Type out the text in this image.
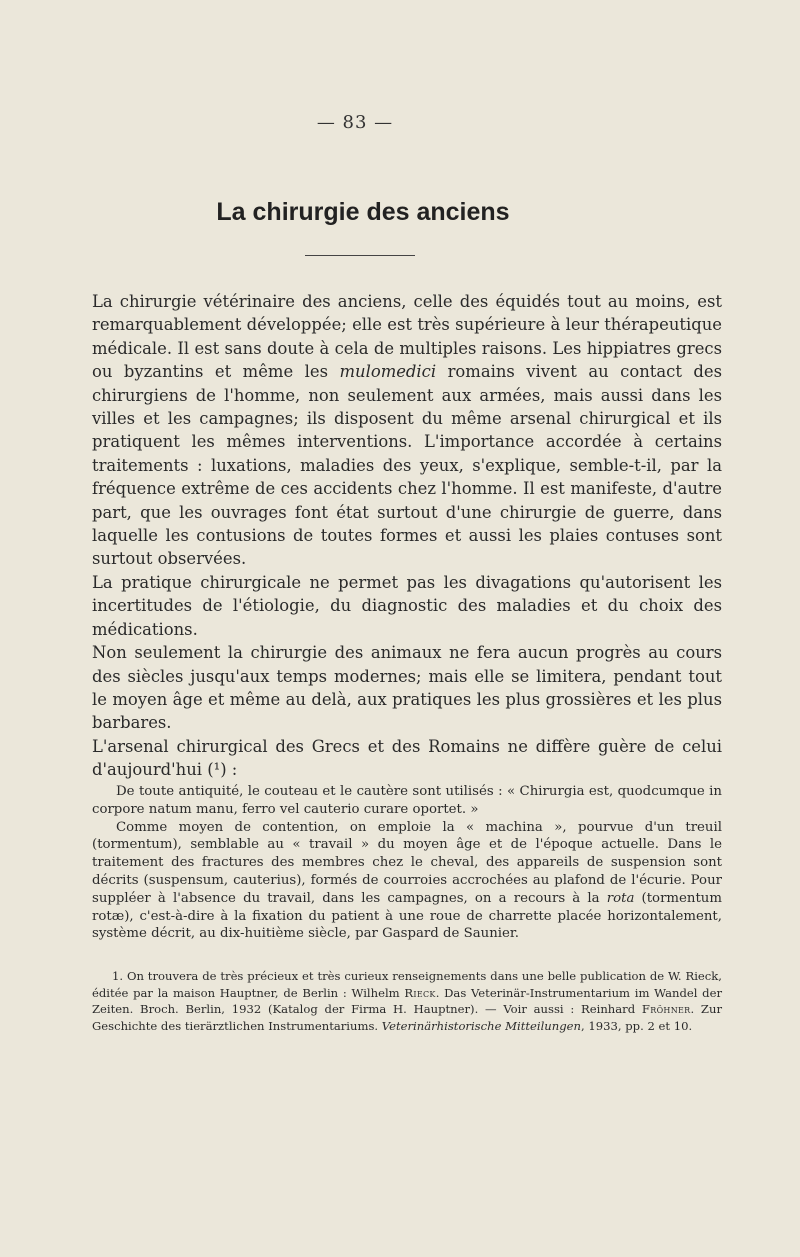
— 83 —
La chirurgie des anciens

La chirurgie vétérinaire des anciens, celle des équidés tout au moins, est remarquablement développée; elle est très supérieure à leur thérapeutique médicale. Il est sans doute à cela de multiples raisons. Les hippiatres grecs ou byzantins et même les mulomedici romains vivent au contact des chirurgiens de l'homme, non seulement aux armées, mais aussi dans les villes et les campagnes; ils disposent du même arsenal chirurgical et ils pratiquent les mêmes interventions. L'importance accordée à certains traitements : luxations, maladies des yeux, s'explique, semble-t-il, par la fréquence extrême de ces accidents chez l'homme. Il est manifeste, d'autre part, que les ouvrages font état surtout d'une chirurgie de guerre, dans laquelle les contusions de toutes formes et aussi les plaies contuses sont surtout observées.

La pratique chirurgicale ne permet pas les divagations qu'autorisent les incertitudes de l'étiologie, du diagnostic des maladies et du choix des médications.

Non seulement la chirurgie des animaux ne fera aucun progrès au cours des siècles jusqu'aux temps modernes; mais elle se limitera, pendant tout le moyen âge et même au delà, aux pratiques les plus grossières et les plus barbares.

L'arsenal chirurgical des Grecs et des Romains ne diffère guère de celui d'aujourd'hui (¹) :

De toute antiquité, le couteau et le cautère sont utilisés : « Chirurgia est, quodcumque in corpore natum manu, ferro vel cauterio curare oportet. »

Comme moyen de contention, on emploie la « machina », pourvue d'un treuil (tormentum), semblable au « travail » du moyen âge et de l'époque actuelle. Dans le traitement des fractures des membres chez le cheval, des appareils de suspension sont décrits (suspensum, cauterius), formés de courroies accrochées au plafond de l'écurie. Pour suppléer à l'absence du travail, dans les campagnes, on a recours à la rota (tormentum rotæ), c'est-à-dire à la fixation du patient à une roue de charrette placée horizontalement, système décrit, au dix-huitième siècle, par Gaspard de Saunier.

1. On trouvera de très précieux et très curieux renseignements dans une belle publication de W. Rieck, éditée par la maison Hauptner, de Berlin : Wilhelm Rieck. Das Veterinär-Instrumentarium im Wandel der Zeiten. Broch. Berlin, 1932 (Katalog der Firma H. Hauptner). — Voir aussi : Reinhard Fröhner. Zur Geschichte des tierärztlichen Instrumentariums. Veterinärhistorische Mitteilungen, 1933, pp. 2 et 10.
